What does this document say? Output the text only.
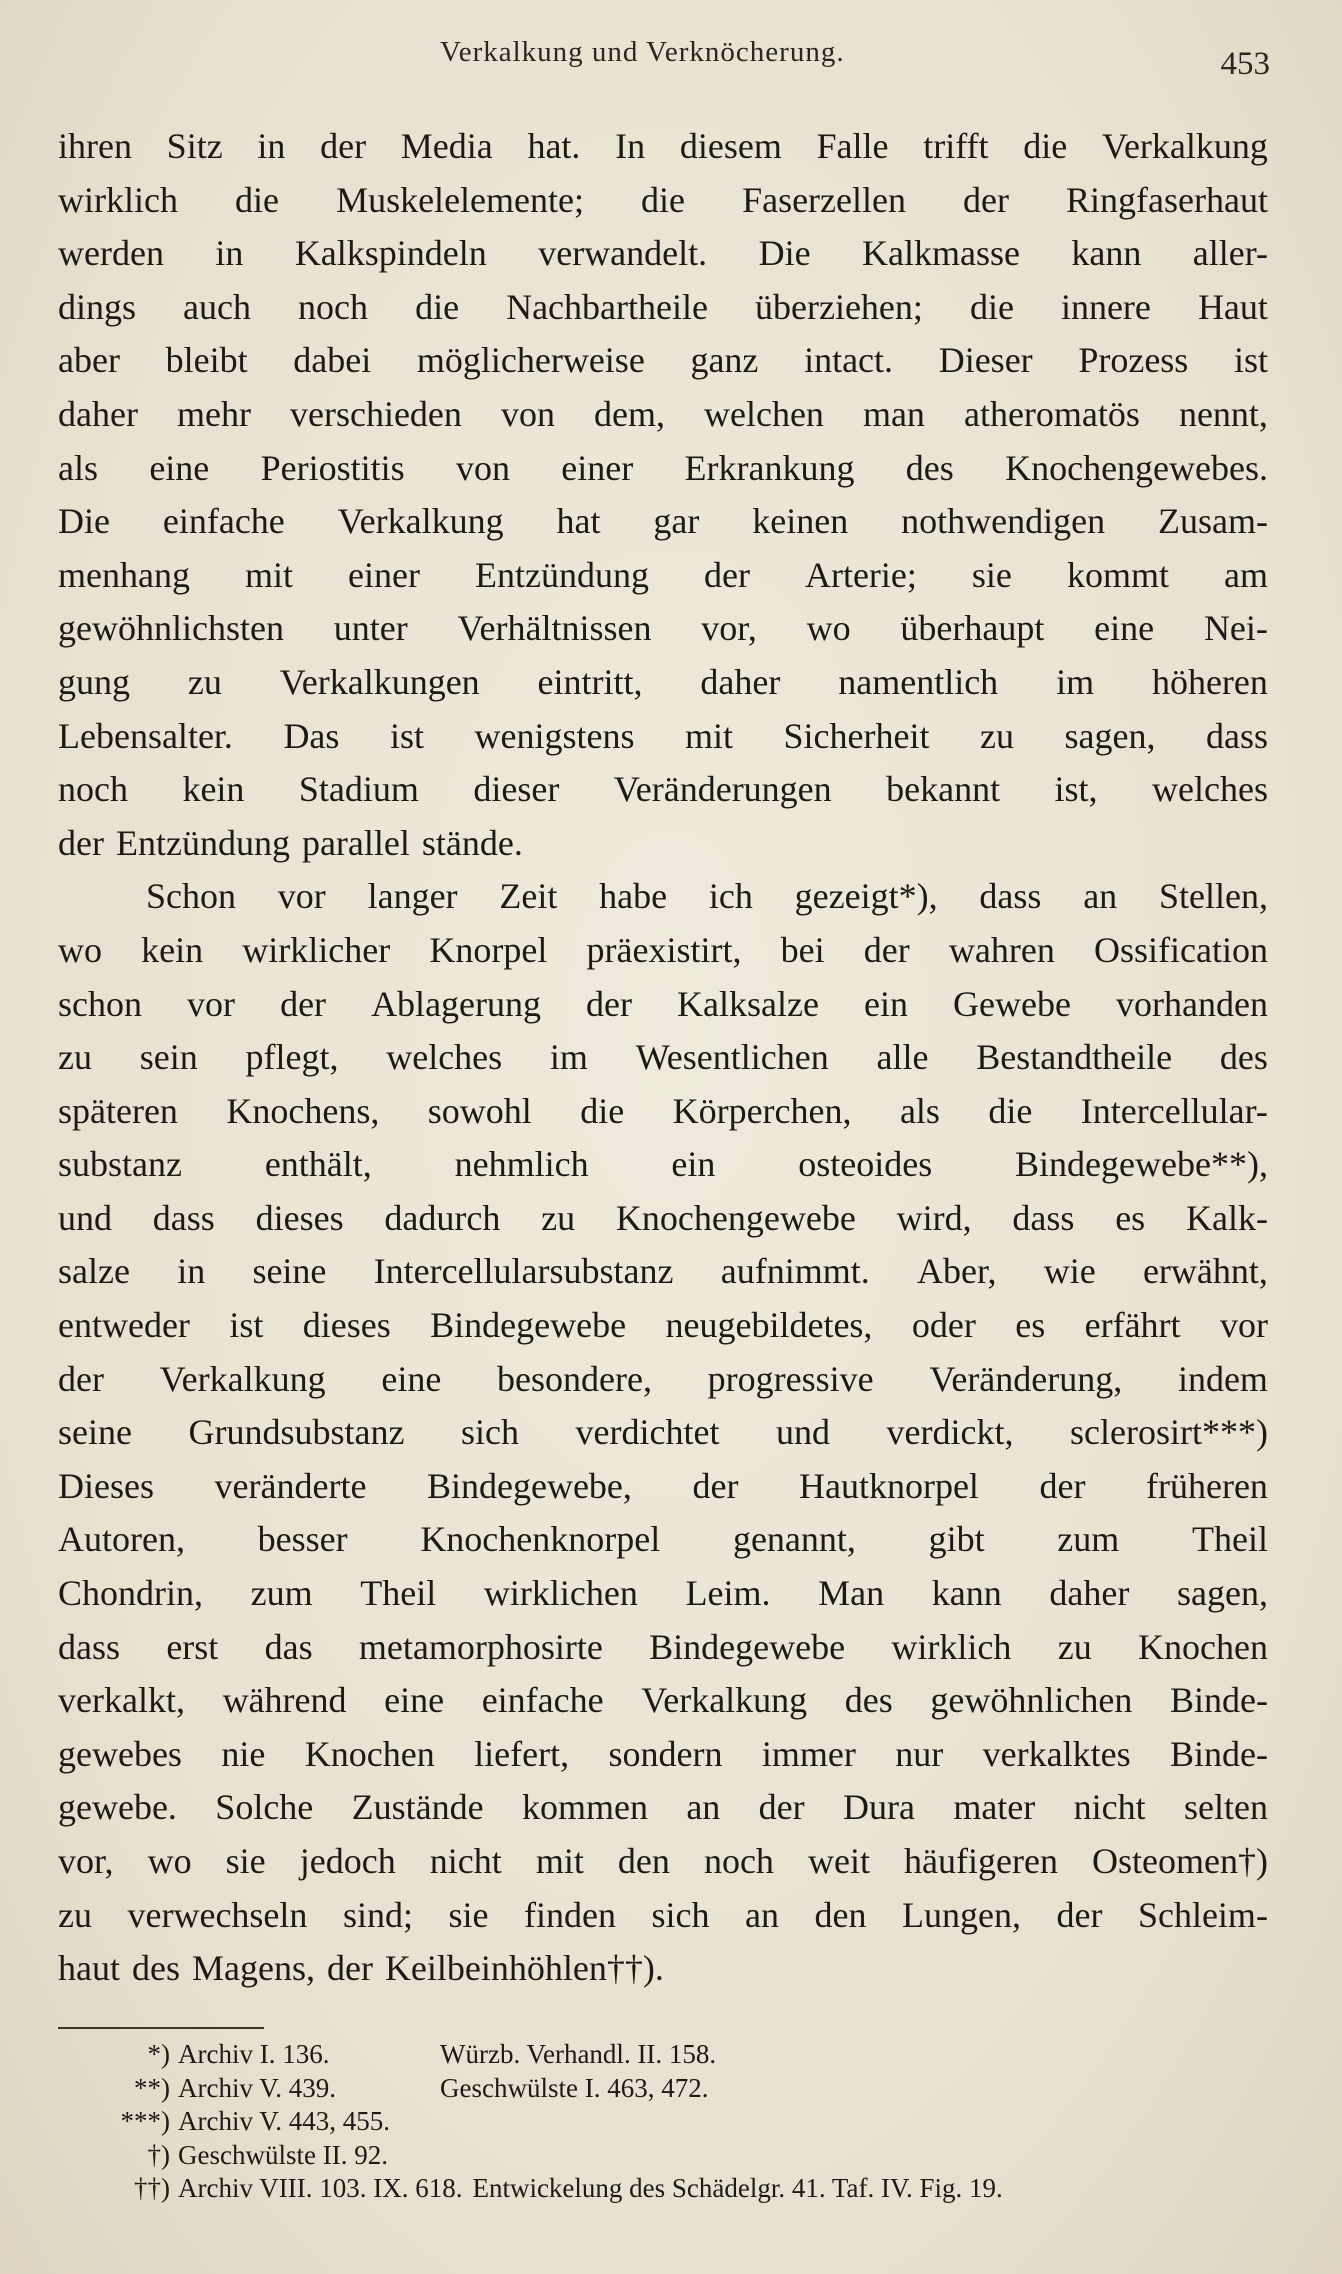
Verkalkung und Verknöcherung.	453
ihren Sitz in der Media hat. In diesem Falle trifft die Verkalkung
wirklich die Muskelelemente; die Faserzellen der Ringfaserhaut
werden in Kalkspindeln verwandelt. Die Kalkmasse kann aller-
dings auch noch die Nachbartheile überziehen; die innere Haut
aber bleibt dabei möglicherweise ganz intact. Dieser Prozess ist
daher mehr verschieden von dem, welchen man atheromatös nennt,
als eine Periostitis von einer Erkrankung des Knochengewebes.
Die einfache Verkalkung hat gar keinen nothwendigen Zusam-
menhang mit einer Entzündung der Arterie; sie kommt am
gewöhnlichsten unter Verhältnissen vor, wo überhaupt eine Nei-
gung zu Verkalkungen eintritt, daher namentlich im höheren
Lebensalter. Das ist wenigstens mit Sicherheit zu sagen, dass
noch kein Stadium dieser Veränderungen bekannt ist, welches
der Entzündung parallel stände.
Schon vor langer Zeit habe ich gezeigt*), dass an Stellen,
wo kein wirklicher Knorpel präexistirt, bei der wahren Ossification
schon vor der Ablagerung der Kalksalze ein Gewebe vorhanden
zu sein pflegt, welches im Wesentlichen alle Bestandtheile des
späteren Knochens, sowohl die Körperchen, als die Intercellular-
substanz enthält, nehmlich ein osteoides Bindegewebe**),
und dass dieses dadurch zu Knochengewebe wird, dass es Kalk-
salze in seine Intercellularsubstanz aufnimmt. Aber, wie erwähnt,
entweder ist dieses Bindegewebe neugebildetes, oder es erfährt vor
der Verkalkung eine besondere, progressive Veränderung, indem
seine Grundsubstanz sich verdichtet und verdickt, sclerosirt***)
Dieses veränderte Bindegewebe, der Hautknorpel der früheren
Autoren, besser Knochenknorpel genannt, gibt zum Theil
Chondrin, zum Theil wirklichen Leim. Man kann daher sagen,
dass erst das metamorphosirte Bindegewebe wirklich zu Knochen
verkalkt, während eine einfache Verkalkung des gewöhnlichen Binde-
gewebes nie Knochen liefert, sondern immer nur verkalktes Binde-
gewebe. Solche Zustände kommen an der Dura mater nicht selten
vor, wo sie jedoch nicht mit den noch weit häufigeren Osteomen†)
zu verwechseln sind; sie finden sich an den Lungen, der Schleim-
haut des Magens, der Keilbeinhöhlen††).
*) Archiv I. 136.	Würzb. Verhandl. II. 158.
**) Archiv V. 439.	Geschwülste I. 463, 472.
***) Archiv V. 443, 455.
†) Geschwülste II. 92.
††) Archiv VIII. 103. IX. 618. Entwickelung des Schädelgr. 41. Taf. IV. Fig. 19.
